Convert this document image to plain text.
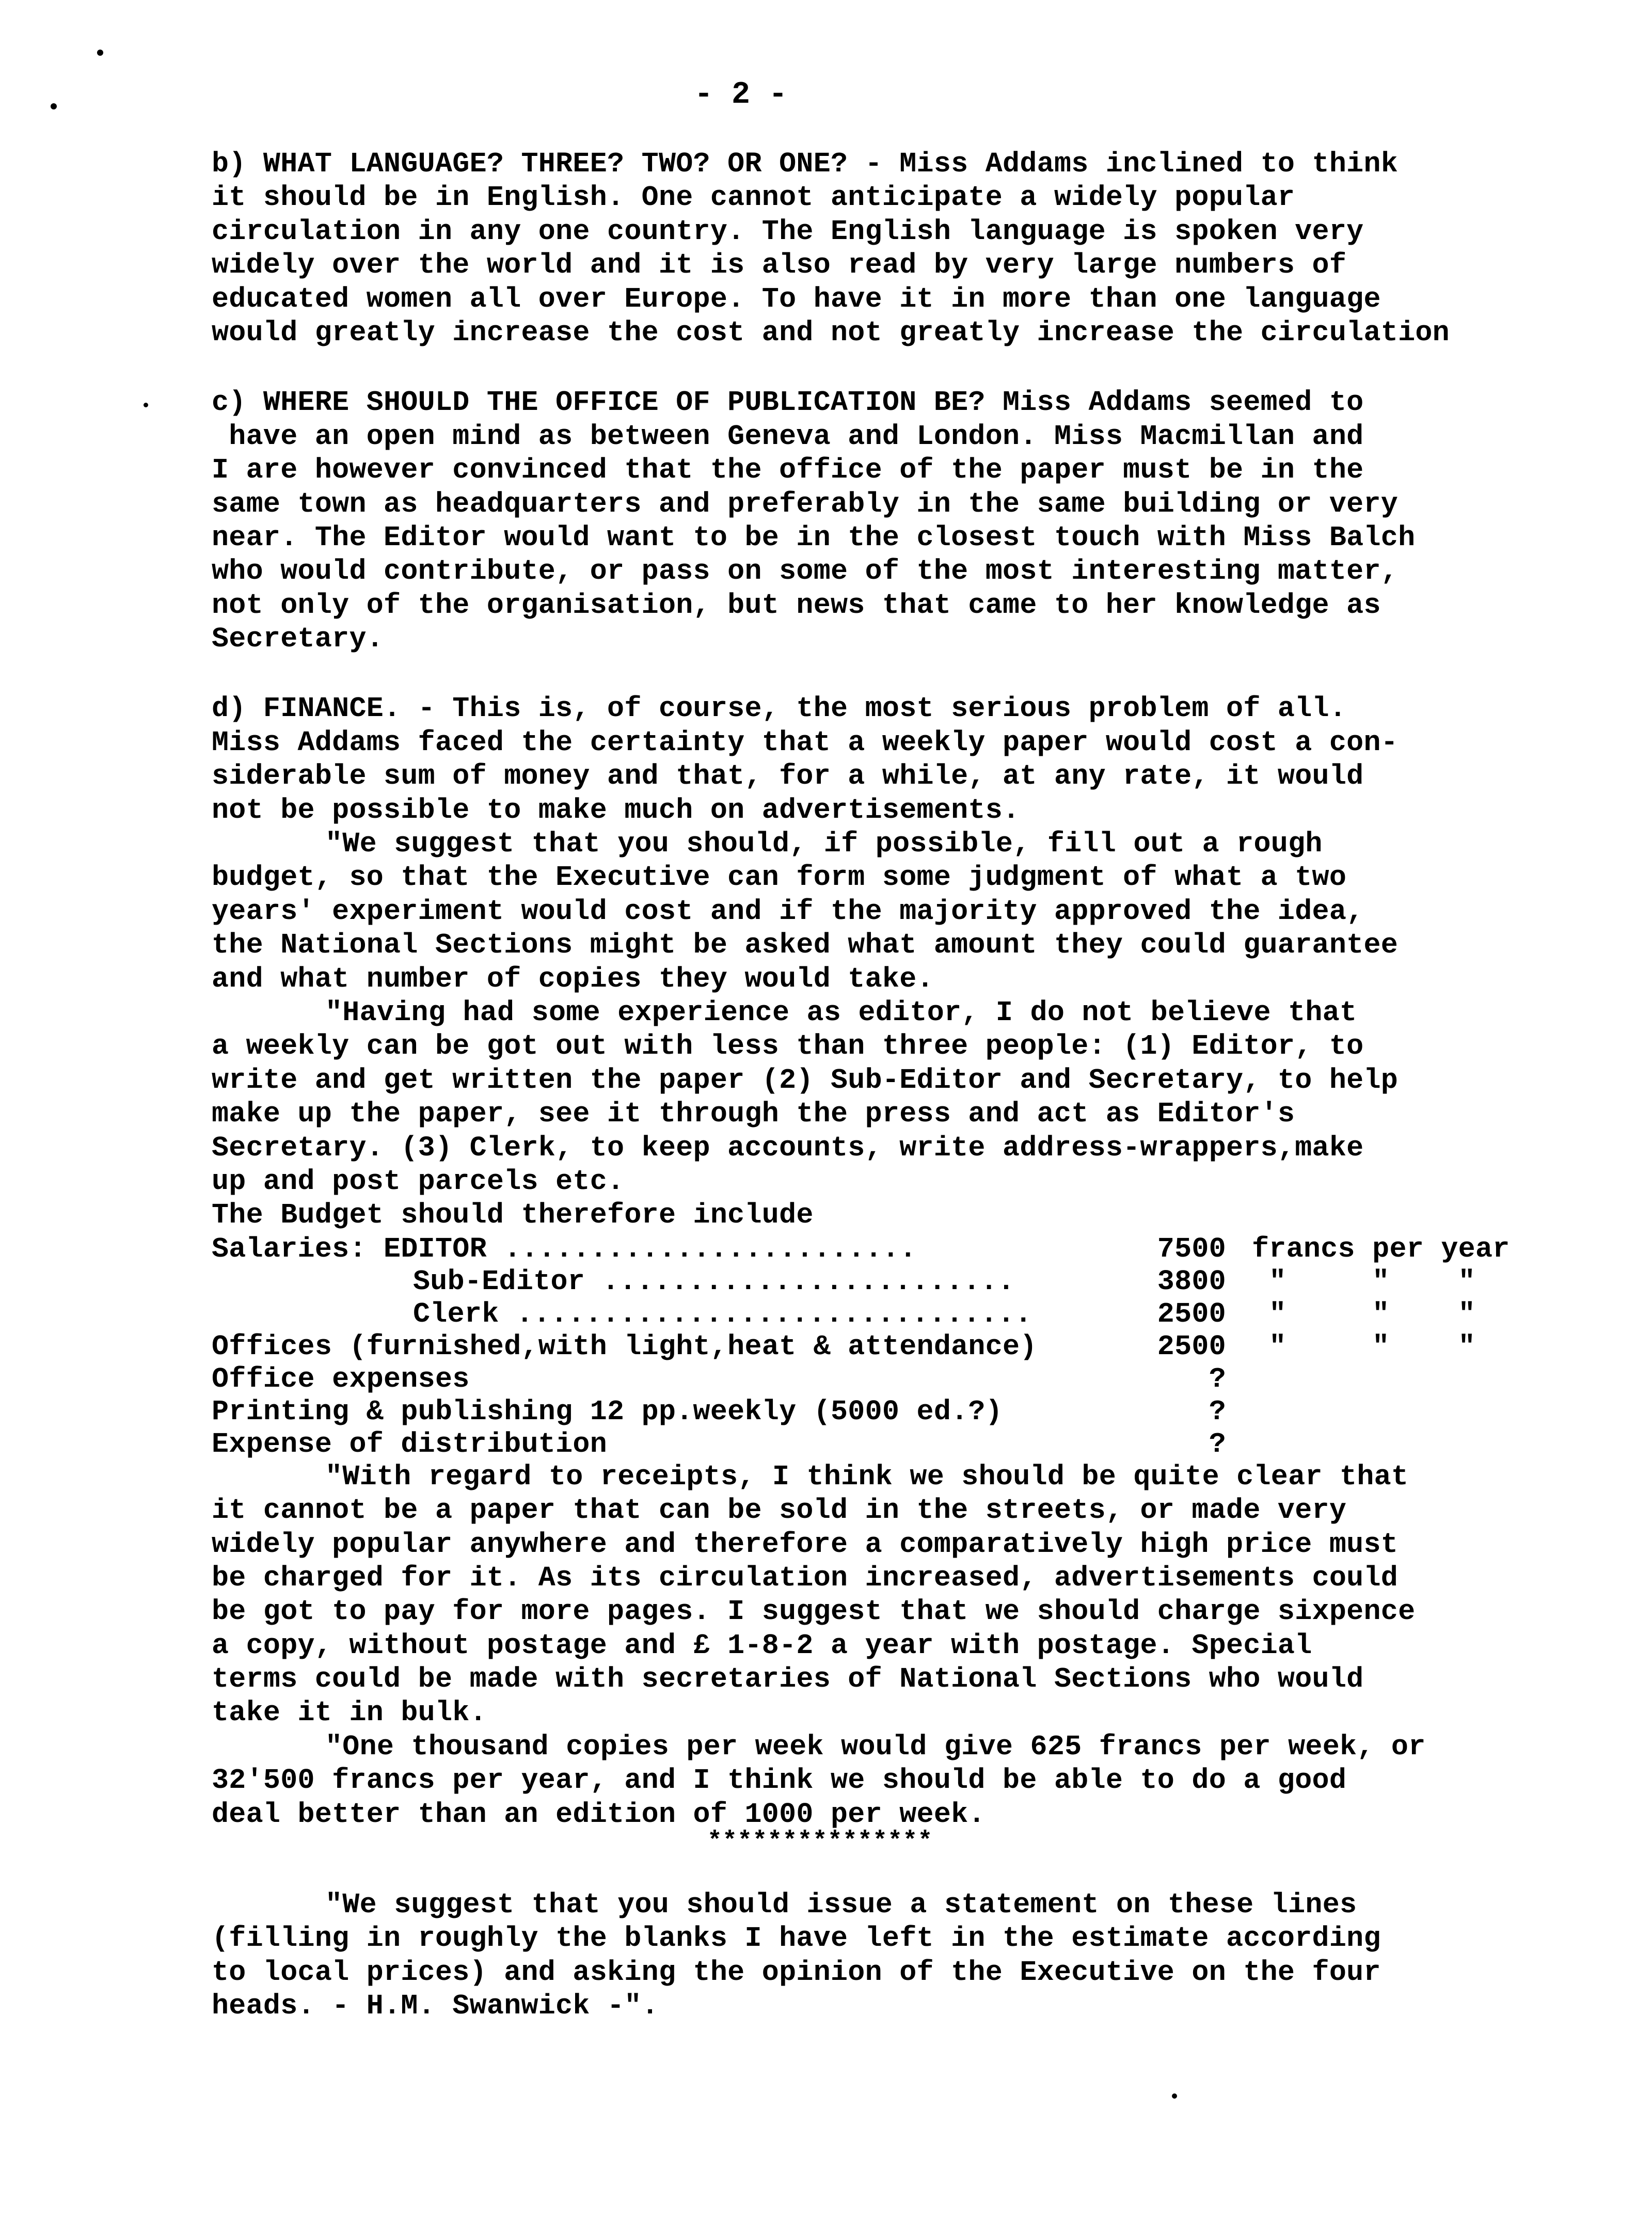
- 2 -
b) WHAT LANGUAGE? THREE? TWO? OR ONE? - Miss Addams inclined to think
it should be in English. One cannot anticipate a widely popular
circulation in any one country. The English language is spoken very
widely over the world and it is also read by very large numbers of
educated women all over Europe. To have it in more than one language
would greatly increase the cost and not greatly increase the circulation
c) WHERE SHOULD THE OFFICE OF PUBLICATION BE? Miss Addams seemed to
have an open mind as between Geneva and London. Miss Macmillan and
I are however convinced that the office of the paper must be in the
same town as headquarters and preferably in the same building or very
near. The Editor would want to be in the closest touch with Miss Balch
who would contribute, or pass on some of the most interesting matter,
not only of the organisation, but news that came to her knowledge as
Secretary.
d) FINANCE. - This is, of course, the most serious problem of all.
Miss Addams faced the certainty that a weekly paper would cost a con-
siderable sum of money and that, for a while, at any rate, it would
not be possible to make much on advertisements.
"We suggest that you should, if possible, fill out a rough
budget, so that the Executive can form some judgment of what a two
years' experiment would cost and if the majority approved the idea,
the National Sections might be asked what amount they could guarantee
and what number of copies they would take.
"Having had some experience as editor, I do not believe that
a weekly can be got out with less than three people: (1) Editor, to
write and get written the paper (2) Sub-Editor and Secretary, to help
make up the paper, see it through the press and act as Editor's
Secretary. (3) Clerk, to keep accounts, write address-wrappers,make
up and post parcels etc.
The Budget should therefore include
Salaries: EDITOR ........................	7500 francs per year
Sub-Editor ........................	3800 "     "    "
Clerk ..............................	2500 "     "    "
Offices (furnished,with light,heat & attendance)	2500 "     "    "
Office expenses	?
Printing & publishing 12 pp.weekly (5000 ed.?)	?
Expense of distribution	?
"With regard to receipts, I think we should be quite clear that
it cannot be a paper that can be sold in the streets, or made very
widely popular anywhere and therefore a comparatively high price must
be charged for it. As its circulation increased, advertisements could
be got to pay for more pages. I suggest that we should charge sixpence
a copy, without postage and £ 1-8-2 a year with postage. Special
terms could be made with secretaries of National Sections who would
take it in bulk.
"One thousand copies per week would give 625 francs per week, or
32'500 francs per year, and I think we should be able to do a good
deal better than an edition of 1000 per week.
***************
"We suggest that you should issue a statement on these lines
(filling in roughly the blanks I have left in the estimate according
to local prices) and asking the opinion of the Executive on the four
heads. - H.M. Swanwick -".
